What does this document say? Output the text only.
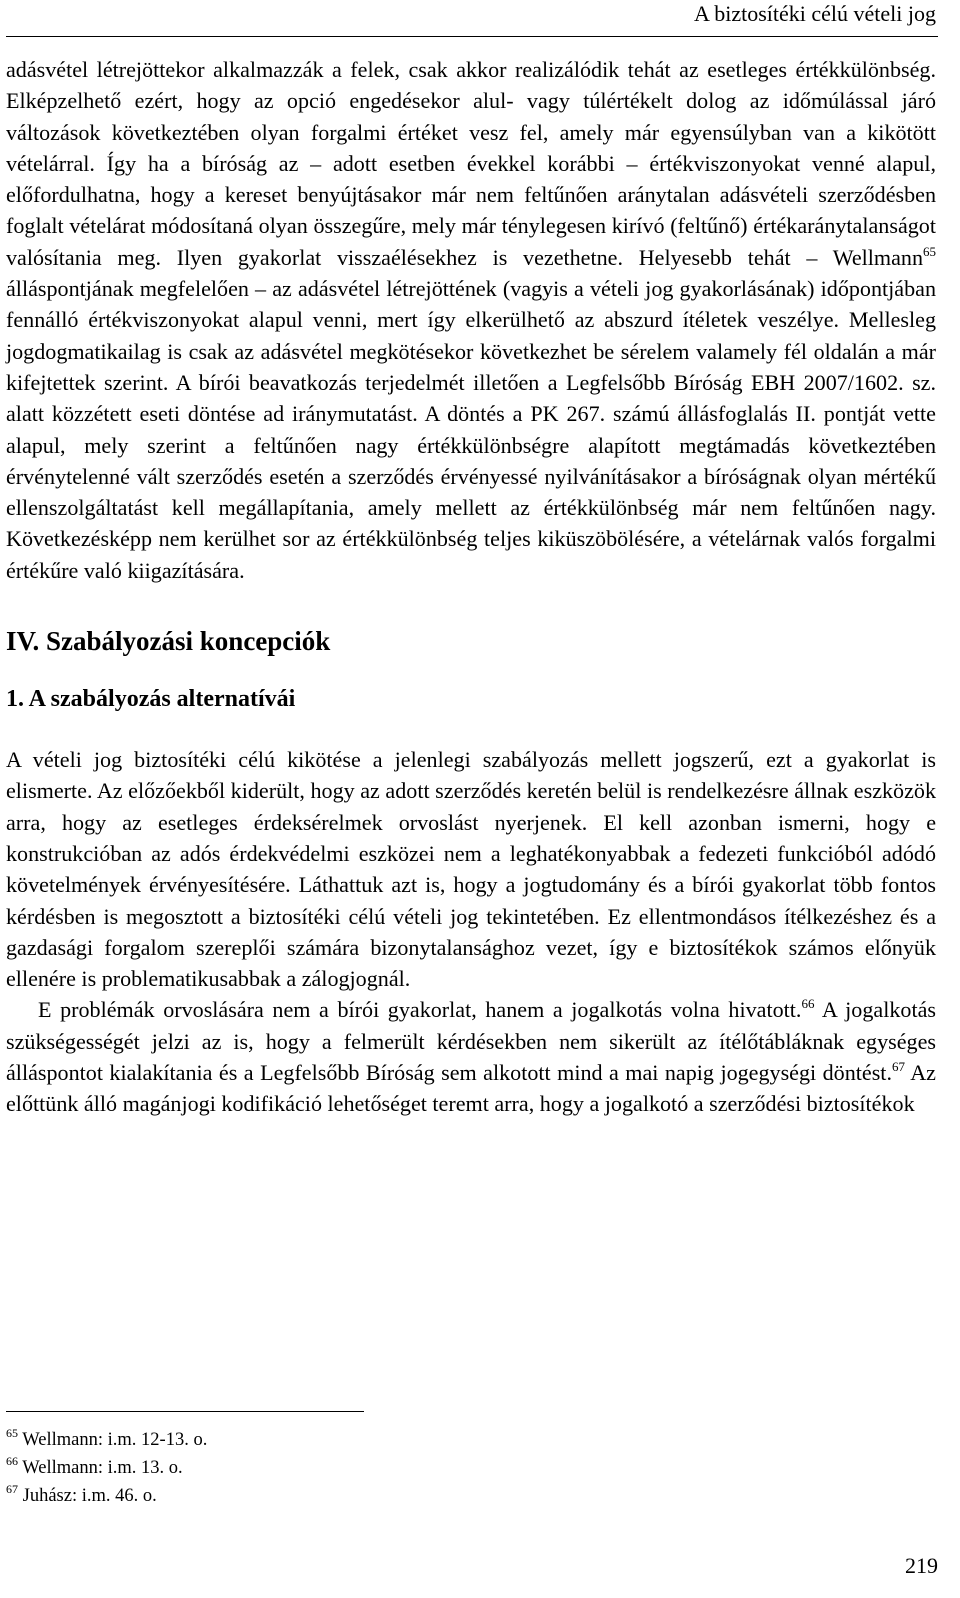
A biztosítéki célú vételi jog

adásvétel létrejöttekor alkalmazzák a felek, csak akkor realizálódik tehát az esetleges értékkülönbség. Elképzelhető ezért, hogy az opció engedésekor alul- vagy túlértékelt dolog az időmúlással járó változások következtében olyan forgalmi értéket vesz fel, amely már egyensúlyban van a kikötött vételárral. Így ha a bíróság az – adott esetben évekkel korábbi – értékviszonyokat venné alapul, előfordulhatna, hogy a kereset benyújtásakor már nem feltűnően aránytalan adásvételi szerződésben foglalt vételárat módosítaná olyan összegűre, mely már ténylegesen kirívó (feltűnő) értékaránytalanságot valósítania meg. Ilyen gyakorlat visszaélésekhez is vezethetne. Helyesebb tehát – Wellmann$^{65}$ álláspontjának megfelelően – az adásvétel létrejöttének (vagyis a vételi jog gyakorlásának) időpontjában fennálló értékviszonyokat alapul venni, mert így elkerülhető az abszurd ítéletek veszélye. Mellesleg jogdogmatikailag is csak az adásvétel megkötésekor következhet be sérelem valamely fél oldalán a már kifejtettek szerint. A bírói beavatkozás terjedelmét illetően a Legfelsőbb Bíróság EBH 2007/1602. sz. alatt közzétett eseti döntése ad iránymutatást. A döntés a PK 267. számú állásfoglalás II. pontját vette alapul, mely szerint a feltűnően nagy értékkülönbségre alapított megtámadás következtében érvénytelenné vált szerződés esetén a szerződés érvényessé nyilvánításakor a bíróságnak olyan mértékű ellenszolgáltatást kell megállapítania, amely mellett az értékkülönbség már nem feltűnően nagy. Következésképp nem kerülhet sor az értékkülönbség teljes kiküszöbölésére, a vételárnak valós forgalmi értékűre való kiigazítására.

IV. Szabályozási koncepciók
1. A szabályozás alternatívái

A vételi jog biztosítéki célú kikötése a jelenlegi szabályozás mellett jogszerű, ezt a gyakorlat is elismerte. Az előzőekből kiderült, hogy az adott szerződés keretén belül is rendelkezésre állnak eszközök arra, hogy az esetleges érdeksérelmek orvoslást nyerjenek. El kell azonban ismerni, hogy e konstrukcióban az adós érdekvédelmi eszközei nem a leghatékonyabbak a fedezeti funkcióból adódó követelmények érvényesítésére. Láthattuk azt is, hogy a jogtudomány és a bírói gyakorlat több fontos kérdésben is megosztott a biztosítéki célú vételi jog tekintetében. Ez ellentmondásos ítélkezéshez és a gazdasági forgalom szereplői számára bizonytalansághoz vezet, így e biztosítékok számos előnyük ellenére is problematikusabbak a zálogjognál.

E problémák orvoslására nem a bírói gyakorlat, hanem a jogalkotás volna hivatott.$^{66}$ A jogalkotás szükségességét jelzi az is, hogy a felmerült kérdésekben nem sikerült az ítélőtábláknak egységes álláspontot kialakítania és a Legfelsőbb Bíróság sem alkotott mind a mai napig jogegységi döntést.$^{67}$ Az előttünk álló magánjogi kodifikáció lehetőséget teremt arra, hogy a jogalkotó a szerződési biztosítékok

$^{65}$ Wellmann: i.m. 12-13. o.

$^{66}$ Wellmann: i.m. 13. o.

$^{67}$ Juhász: i.m. 46. o.

219
